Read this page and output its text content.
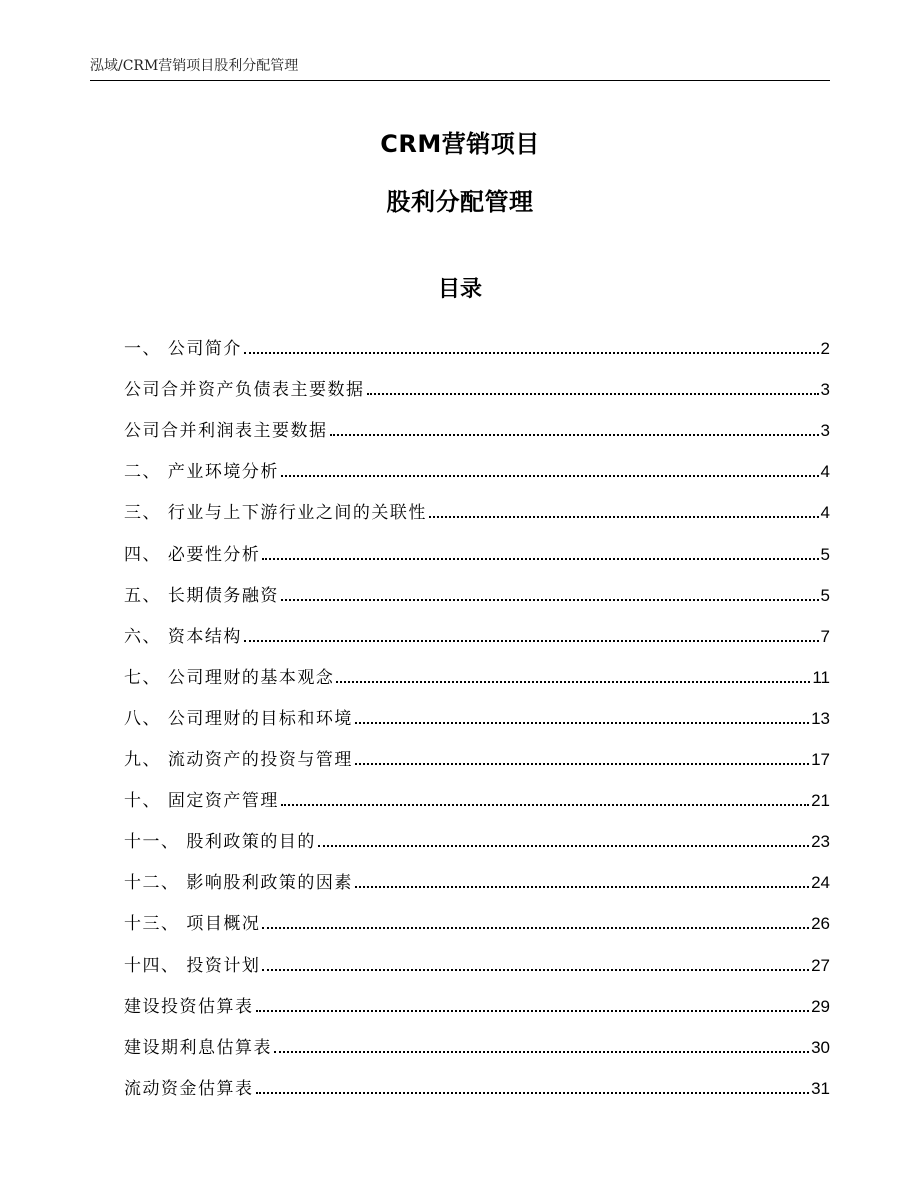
泓域/CRM营销项目股利分配管理
CRM营销项目
股利分配管理
目录
一、 公司简介	2
公司合并资产负债表主要数据	3
公司合并利润表主要数据	3
二、 产业环境分析	4
三、 行业与上下游行业之间的关联性	4
四、 必要性分析	5
五、 长期债务融资	5
六、 资本结构	7
七、 公司理财的基本观念	11
八、 公司理财的目标和环境	13
九、 流动资产的投资与管理	17
十、 固定资产管理	21
十一、 股利政策的目的	23
十二、 影响股利政策的因素	24
十三、 项目概况	26
十四、 投资计划	27
建设投资估算表	29
建设期利息估算表	30
流动资金估算表	31
